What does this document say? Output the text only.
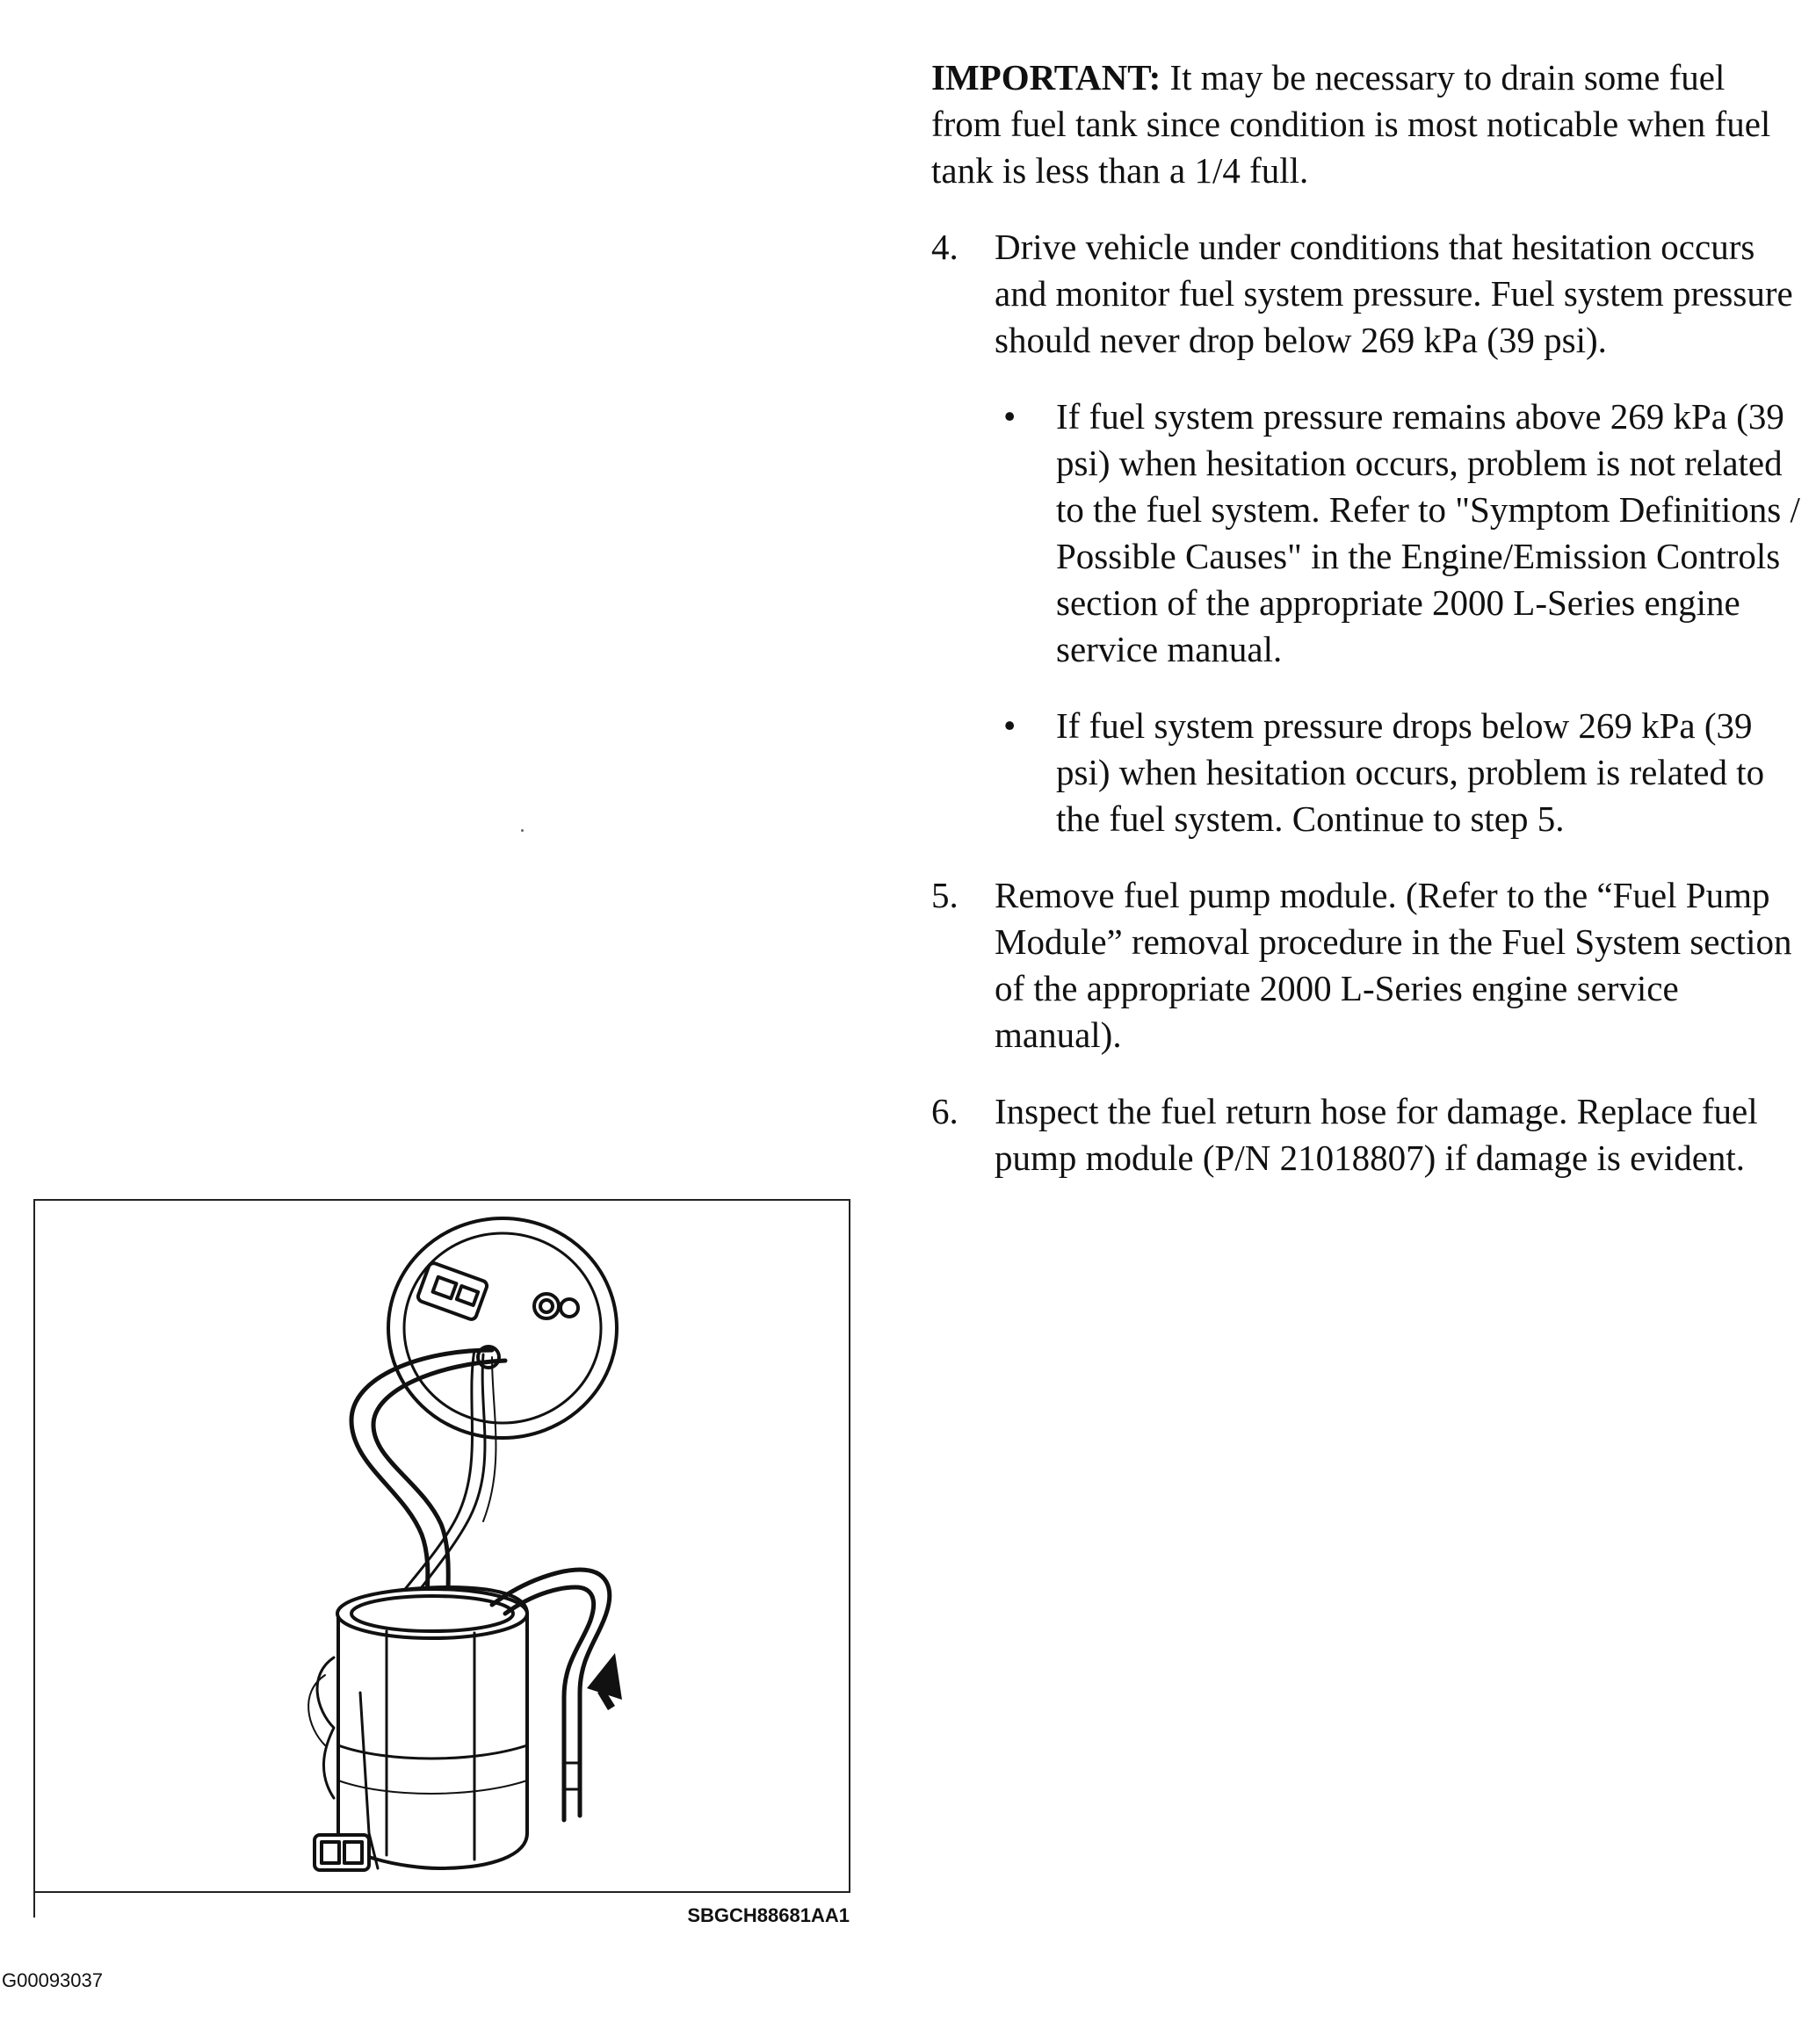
IMPORTANT: It may be necessary to drain some fuel from fuel tank since condition is most noticable when fuel tank is less than a 1/4 full.

4.	Drive vehicle under conditions that hesitation occurs and monitor fuel system pressure. Fuel system pressure should never drop below 269 kPa (39 psi).
•	If fuel system pressure remains above 269 kPa (39 psi) when hesitation occurs, problem is not related to the fuel system. Refer to "Symptom Definitions / Possible Causes" in the Engine/Emission Controls section of the appropriate 2000 L-Series engine service manual.
•	If fuel system pressure drops below 269 kPa (39 psi) when hesitation occurs, problem is related to the fuel system. Continue to step 5.
5.	Remove fuel pump module. (Refer to the “Fuel Pump Module” removal procedure in the Fuel System section of the appropriate 2000 L-Series engine service manual).
6.	Inspect the fuel return hose for damage. Replace fuel pump module (P/N 21018807) if damage is evident.
SBGCH88681AA1
G00093037
